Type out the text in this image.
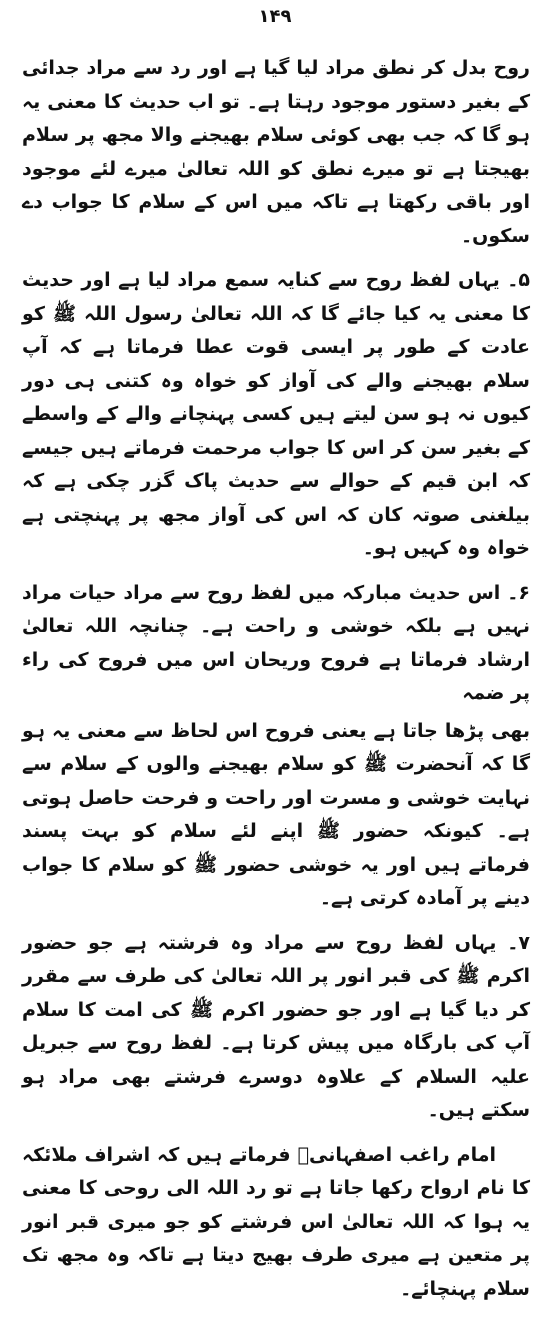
۱۴۹

روح بدل کر نطق مراد لیا گیا ہے اور رد سے مراد جدائی کے بغیر دستور موجود رہتا ہے۔ تو اب حدیث کا معنی یہ ہو گا کہ جب بھی کوئی سلام بھیجنے والا مجھ پر سلام بھیجتا ہے تو میرے نطق کو اللہ تعالیٰ میرے لئے موجود اور باقی رکھتا ہے تاکہ میں اس کے سلام کا جواب دے سکوں۔

۵۔ یہاں لفظ روح سے کنایہ سمع مراد لیا ہے اور حدیث کا معنی یہ کیا جائے گا کہ اللہ تعالیٰ رسول اللہ ﷺ کو عادت کے طور پر ایسی قوت عطا فرماتا ہے کہ آپ سلام بھیجنے والے کی آواز کو خواہ وہ کتنی ہی دور کیوں نہ ہو سن لیتے ہیں کسی پہنچانے والے کے واسطے کے بغیر سن کر اس کا جواب مرحمت فرماتے ہیں جیسے کہ ابن قیم کے حوالے سے حدیث پاک گزر چکی ہے کہ بیلغنی صوتہ کان کہ اس کی آواز مجھ پر پہنچتی ہے خواہ وہ کہیں ہو۔

۶۔ اس حدیث مبارکہ میں لفظ روح سے مراد حیات مراد نہیں ہے بلکہ خوشی و راحت ہے۔ چنانچہ اللہ تعالیٰ ارشاد فرماتا ہے فروح وریحان اس میں فروح کی راء پر ضمہ

بھی پڑھا جاتا ہے یعنی فروح اس لحاظ سے معنی یہ ہو گا کہ آنحضرت ﷺ کو سلام بھیجنے والوں کے سلام سے نہایت خوشی و مسرت اور راحت و فرحت حاصل ہوتی ہے۔ کیونکہ حضور ﷺ اپنے لئے سلام کو بہت پسند فرماتے ہیں اور یہ خوشی حضور ﷺ کو سلام کا جواب دینے پر آمادہ کرتی ہے۔

۷۔ یہاں لفظ روح سے مراد وہ فرشتہ ہے جو حضور اکرم ﷺ کی قبر انور پر اللہ تعالیٰ کی طرف سے مقرر کر دیا گیا ہے اور جو حضور اکرم ﷺ کی امت کا سلام آپ کی بارگاہ میں پیش کرتا ہے۔ لفظ روح سے جبریل علیہ السلام کے علاوہ دوسرے فرشتے بھی مراد ہو سکتے ہیں۔

امام راغب اصفہانیؒ فرماتے ہیں کہ اشراف ملائکہ کا نام ارواح رکھا جاتا ہے تو رد اللہ الی روحی کا معنی یہ ہوا کہ اللہ تعالیٰ اس فرشتے کو جو میری قبر انور پر متعین ہے میری طرف بھیج دیتا ہے تاکہ وہ مجھ تک سلام پہنچائے۔
